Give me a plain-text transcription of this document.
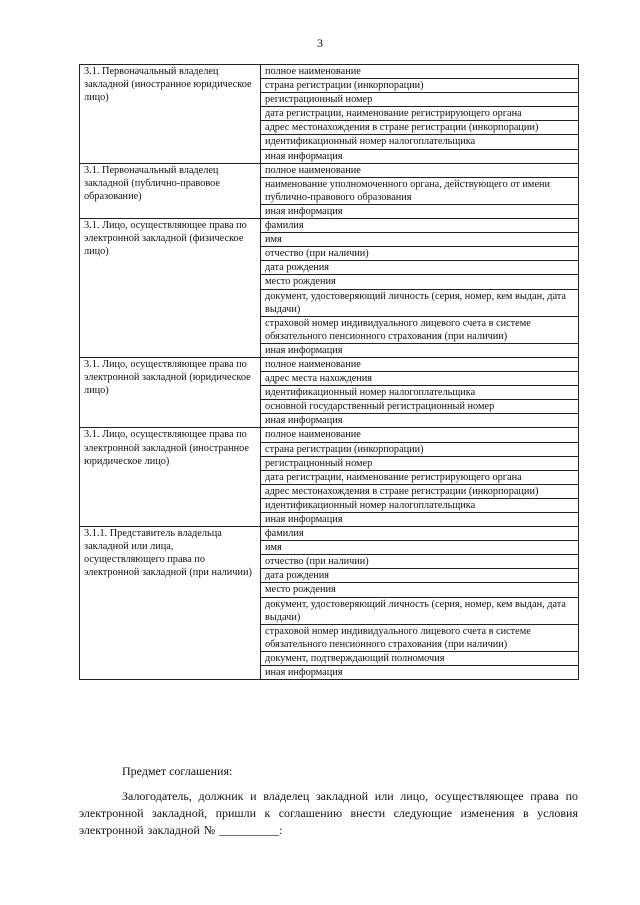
3
3.1. Первоначальный владелец закладной (иностранное юридическое лицо)	полное наименование
	страна регистрации (инкорпорации)
	регистрационный номер
	дата регистрации, наименование регистрирующего органа
	адрес местонахождения в стране регистрации (инкорпорации)
	идентификационный номер налогоплательщика
	иная информация
3.1. Первоначальный владелец закладной (публично-правовое образование)	полное наименование
	наименование уполномоченного органа, действующего от имени публично-правового образования
	иная информация
3.1. Лицо, осуществляющее права по электронной закладной (физическое лицо)	фамилия
	имя
	отчество (при наличии)
	дата рождения
	место рождения
	документ, удостоверяющий личность (серия, номер, кем выдан, дата выдачи)
	страховой номер индивидуального лицевого счета в системе обязательного пенсионного страхования (при наличии)
	иная информация
3.1. Лицо, осуществляющее права по электронной закладной (юридическое лицо)	полное наименование
	адрес места нахождения
	идентификационный номер налогоплательщика
	основной государственный регистрационный номер
	иная информация
3.1. Лицо, осуществляющее права по электронной закладной (иностранное юридическое лицо)	полное наименование
	страна регистрации (инкорпорации)
	регистрацнонный номер
	дата регистрации, наименование регистрирующего органа
	адрес местонахождения в стране регистрации (инкорпорации)
	идентификационный номер налогоплательщика
	иная информация
3.1.1. Представитель владельца закладной или лица, осуществляющего права по электронной закладной (при наличии)	фамилия
	имя
	отчество (при наличии)
	дата рождения
	место рождения
	документ, удостоверяющий личность (серия, номер, кем выдан, дата выдачи)
	страховой номер индивидуального лицевого счета в системе обязательного пенсионного страхования (при наличии)
	документ, подтверждающий полномочия
	иная информация
Предмет соглашения:
Залогодатель, должник и владелец закладной или лицо, осуществляющее права по электронной закладной, пришли к соглашению внести следующие изменения в условия электронной закладной № __________:
